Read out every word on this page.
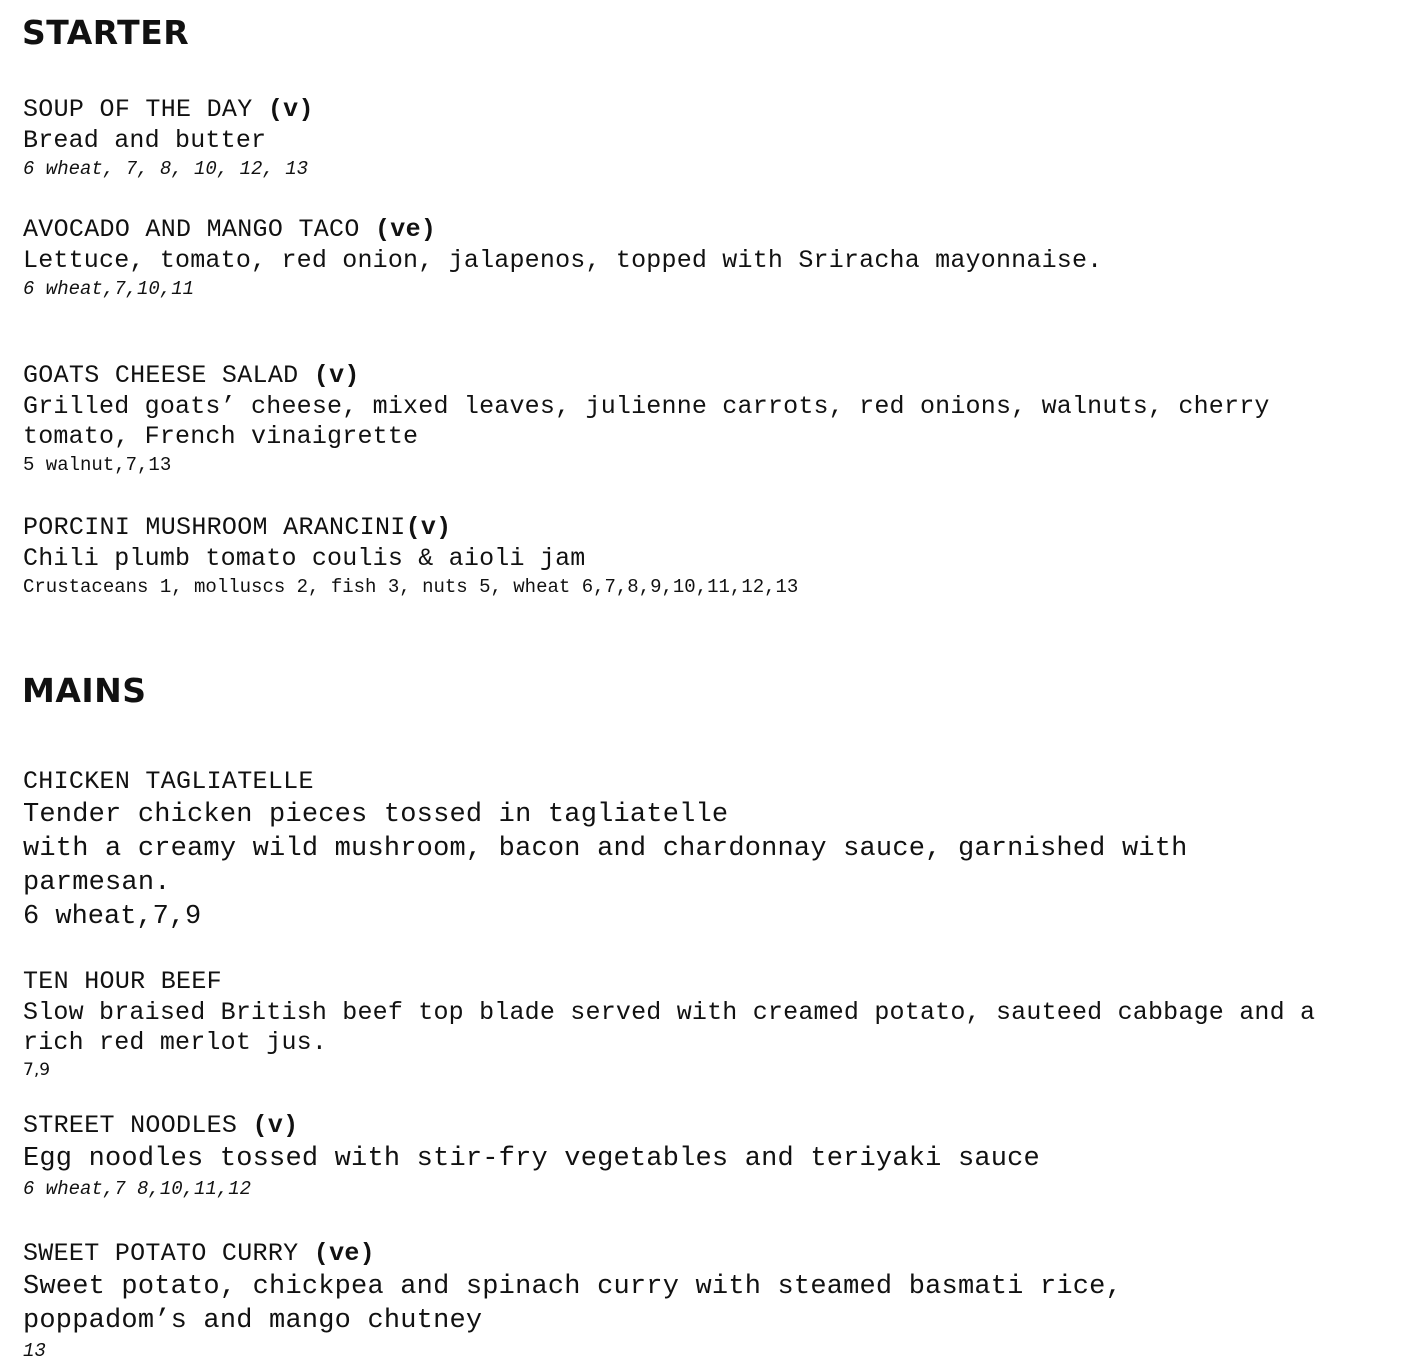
STARTER
SOUP OF THE DAY (v)
Bread and butter
6 wheat, 7, 8, 10, 12, 13
AVOCADO AND MANGO TACO (ve)
Lettuce, tomato, red onion, jalapenos, topped with Sriracha mayonnaise.
6 wheat,7,10,11
GOATS CHEESE SALAD (v)
Grilled goats’ cheese, mixed leaves, julienne carrots, red onions, walnuts, cherry tomato, French vinaigrette
5 walnut,7,13
PORCINI MUSHROOM ARANCINI(v)
Chili plumb tomato coulis & aioli jam
Crustaceans 1, molluscs 2, fish 3, nuts 5, wheat 6,7,8,9,10,11,12,13
MAINS
CHICKEN TAGLIATELLE
Tender chicken pieces tossed in tagliatelle
with a creamy wild mushroom, bacon and chardonnay sauce, garnished with parmesan.
6 wheat,7,9
TEN HOUR BEEF
Slow braised British beef top blade served with creamed potato, sauteed cabbage and a rich red merlot jus.
7,9
STREET NOODLES (v)
Egg noodles tossed with stir-fry vegetables and teriyaki sauce
6 wheat,7 8,10,11,12
SWEET POTATO CURRY (ve)
Sweet potato, chickpea and spinach curry with steamed basmati rice, poppadom’s and mango chutney
13
